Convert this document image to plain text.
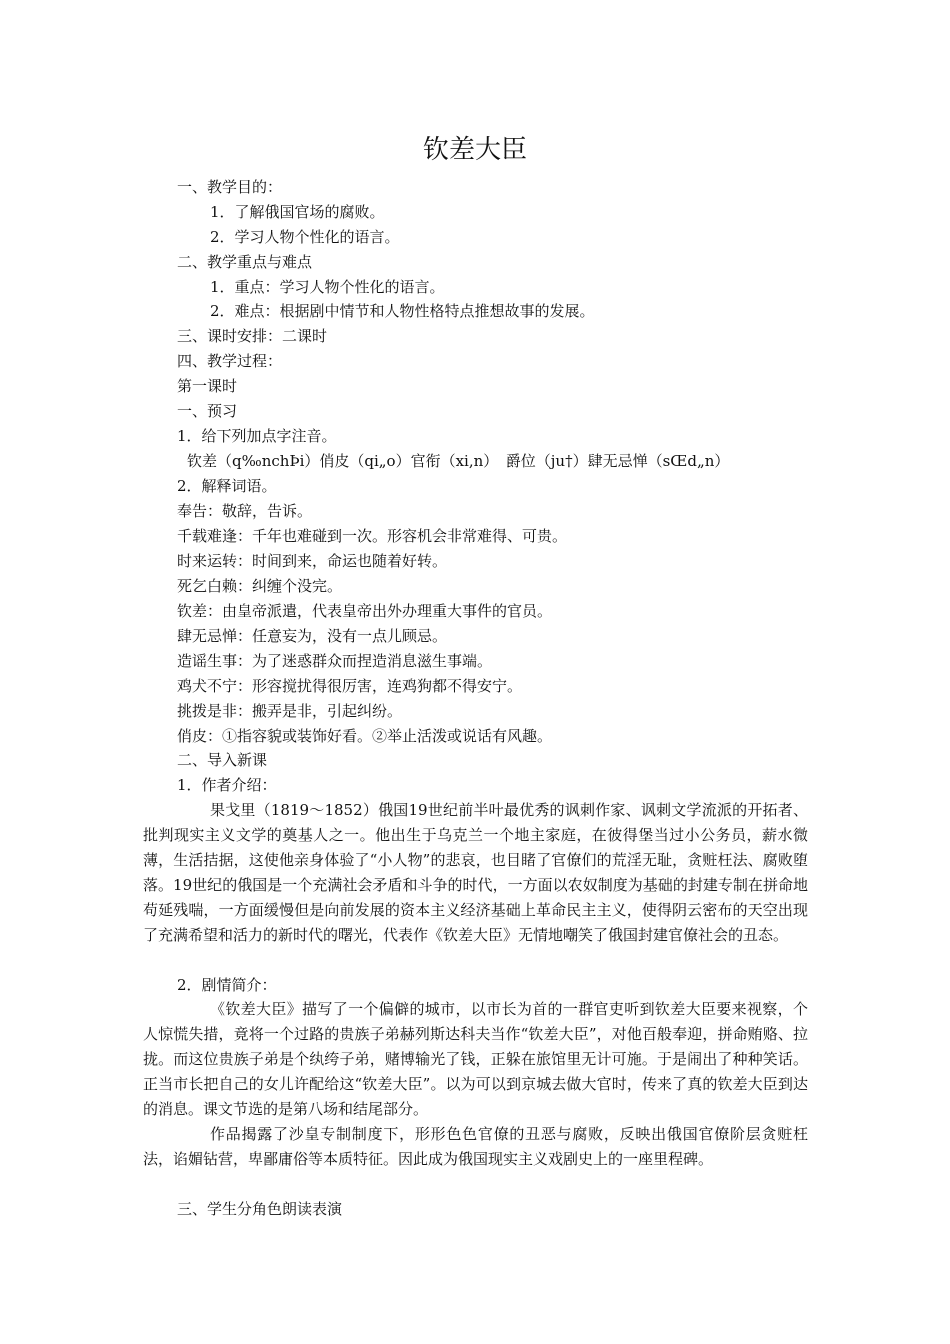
钦差大臣
一、教学目的：
1．了解俄国官场的腐败。
2．学习人物个性化的语言。
二、教学重点与难点
1．重点：学习人物个性化的语言。
2．难点：根据剧中情节和人物性格特点推想故事的发展。
三、课时安排：二课时
四、教学过程：
第一课时
一、预习
1．给下列加点字注音。
钦差（q‰nchÞi）俏皮（qi„o）官衔（xi,n）　爵位（ju†）肆无忌惮（sŒd„n）
2．解释词语。
奉告：敬辞，告诉。
千载难逢：千年也难碰到一次。形容机会非常难得、可贵。
时来运转：时间到来，命运也随着好转。
死乞白赖：纠缠个没完。
钦差：由皇帝派遣，代表皇帝出外办理重大事件的官员。
肆无忌惮：任意妄为，没有一点儿顾忌。
造谣生事：为了迷惑群众而捏造消息滋生事端。
鸡犬不宁：形容搅扰得很厉害，连鸡狗都不得安宁。
挑拨是非：搬弄是非，引起纠纷。
俏皮：①指容貌或装饰好看。②举止活泼或说话有风趣。
二、导入新课
1．作者介绍：
果戈里（1819～1852）俄国19世纪前半叶最优秀的讽刺作家、讽刺文学流派的开拓者、批判现实主义文学的奠基人之一。他出生于乌克兰一个地主家庭，在彼得堡当过小公务员，薪水微薄，生活拮据，这使他亲身体验了“小人物”的悲哀，也目睹了官僚们的荒淫无耻，贪赃枉法、腐败堕落。19世纪的俄国是一个充满社会矛盾和斗争的时代，一方面以农奴制度为基础的封建专制在拼命地苟延残喘，一方面缓慢但是向前发展的资本主义经济基础上革命民主主义，使得阴云密布的天空出现了充满希望和活力的新时代的曙光，代表作《钦差大臣》无情地嘲笑了俄国封建官僚社会的丑态。
2．剧情简介：
《钦差大臣》描写了一个偏僻的城市，以市长为首的一群官吏听到钦差大臣要来视察，个人惊慌失措，竟将一个过路的贵族子弟赫列斯达科夫当作“钦差大臣”，对他百般奉迎，拼命贿赂、拉拢。而这位贵族子弟是个纨绔子弟，赌博输光了钱，正躲在旅馆里无计可施。于是闹出了种种笑话。正当市长把自己的女儿许配给这“钦差大臣”。以为可以到京城去做大官时，传来了真的钦差大臣到达的消息。课文节选的是第八场和结尾部分。
作品揭露了沙皇专制制度下，形形色色官僚的丑恶与腐败，反映出俄国官僚阶层贪赃枉法，谄媚钻营，卑鄙庸俗等本质特征。因此成为俄国现实主义戏剧史上的一座里程碑。
三、学生分角色朗读表演
